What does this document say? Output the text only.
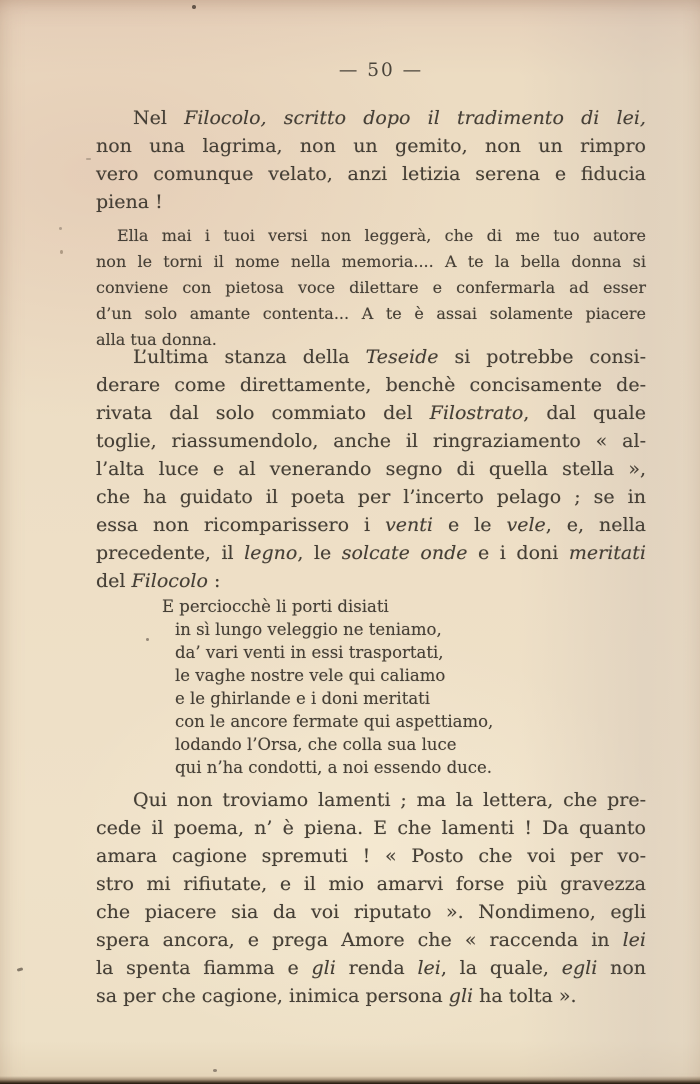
— 50 —
Nel Filocolo, scritto dopo il tradimento di lei,
non una lagrima, non un gemito, non un rimpro
vero comunque velato, anzi letizia serena e fiducia
piena !
Ella mai i tuoi versi non leggerà, che di me tuo autore
non le torni il nome nella memoria.... A te la bella donna si
conviene con pietosa voce dilettare e confermarla ad esser
d’un solo amante contenta... A te è assai solamente piacere
alla tua donna.
L’ultima stanza della Teseide si potrebbe consi-
derare come direttamente, benchè concisamente de-
rivata dal solo commiato del Filostrato, dal quale
toglie, riassumendolo, anche il ringraziamento « al-
l’alta luce e al venerando segno di quella stella »,
che ha guidato il poeta per l’incerto pelago ; se in
essa non ricomparissero i venti e le vele, e, nella
precedente, il legno, le solcate onde e i doni meritati
del Filocolo :
E perciocchè li porti disiati
in sì lungo veleggio ne teniamo,
da’ vari venti in essi trasportati,
le vaghe nostre vele qui caliamo
e le ghirlande e i doni meritati
con le ancore fermate qui aspettiamo,
lodando l’Orsa, che colla sua luce
qui n’ha condotti, a noi essendo duce.
Qui non troviamo lamenti ; ma la lettera, che pre-
cede il poema, n’ è piena. E che lamenti ! Da quanto
amara cagione spremuti ! « Posto che voi per vo-
stro mi rifiutate, e il mio amarvi forse più gravezza
che piacere sia da voi riputato ». Nondimeno, egli
spera ancora, e prega Amore che « raccenda in lei
la spenta fiamma e gli renda lei, la quale, egli non
sa per che cagione, inimica persona gli ha tolta ».
